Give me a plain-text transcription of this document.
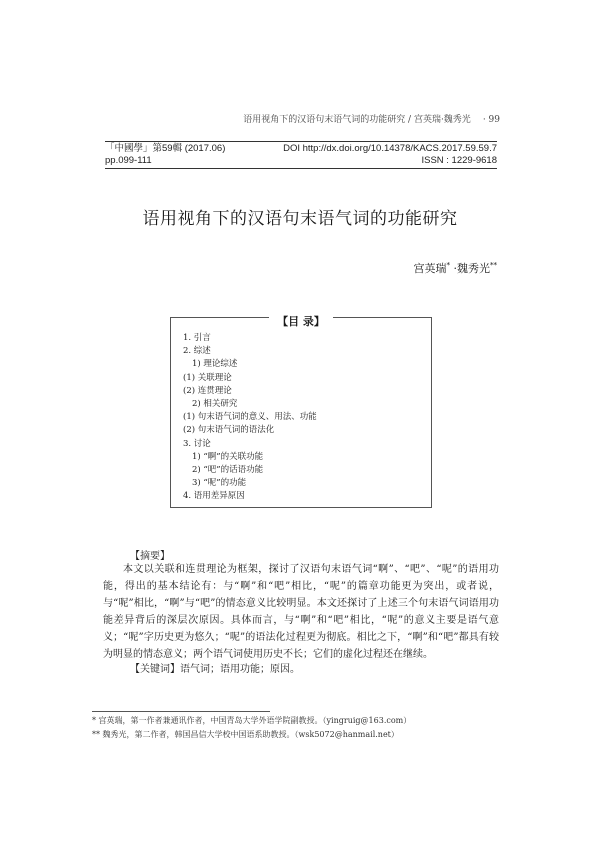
语用视角下的汉语句末语气词的功能研究 / 宫英瑞·魏秀光 · 99
「中國學」第59輯 (2017.06)	DOI http://dx.doi.org/10.14378/KACS.2017.59.59.7
pp.099-111	ISSN : 1229-9618
语用视角下的汉语句末语气词的功能研究
宫英瑞* ·魏秀光**
【目 录】
1. 引言
2. 综述
1) 理论综述
(1) 关联理论
(2) 连贯理论
2) 相关研究
(1) 句末语气词的意义、用法、功能
(2) 句末语气词的语法化
3. 讨论
1) “啊”的关联功能
2) “吧”的话语功能
3) “呢”的功能
4. 语用差异原因
【摘要】

本文以关联和连贯理论为框架，探讨了汉语句末语气词“啊”、“吧”、“呢”的语用功能，得出的基本结论有：与“啊”和“吧”相比，“呢”的篇章功能更为突出，或者说，与“呢”相比，“啊”与“吧”的情态意义比较明显。本文还探讨了上述三个句末语气词语用功能差异背后的深层次原因。具体而言，与“啊”和“吧”相比，“呢”的意义主要是语气意义；“呢”字历史更为悠久；“呢”的语法化过程更为彻底。相比之下，“啊”和“吧”都具有较为明显的情态意义；两个语气词使用历史不长；它们的虚化过程还在继续。

【关键词】语气词；语用功能；原因。
* 宫英瑞，第一作者兼通讯作者，中国青岛大学外语学院副教授。（yingruig@163.com）
** 魏秀光，第二作者，韩国昌信大学校中国语系助教授。（wsk5072@hanmail.net）
